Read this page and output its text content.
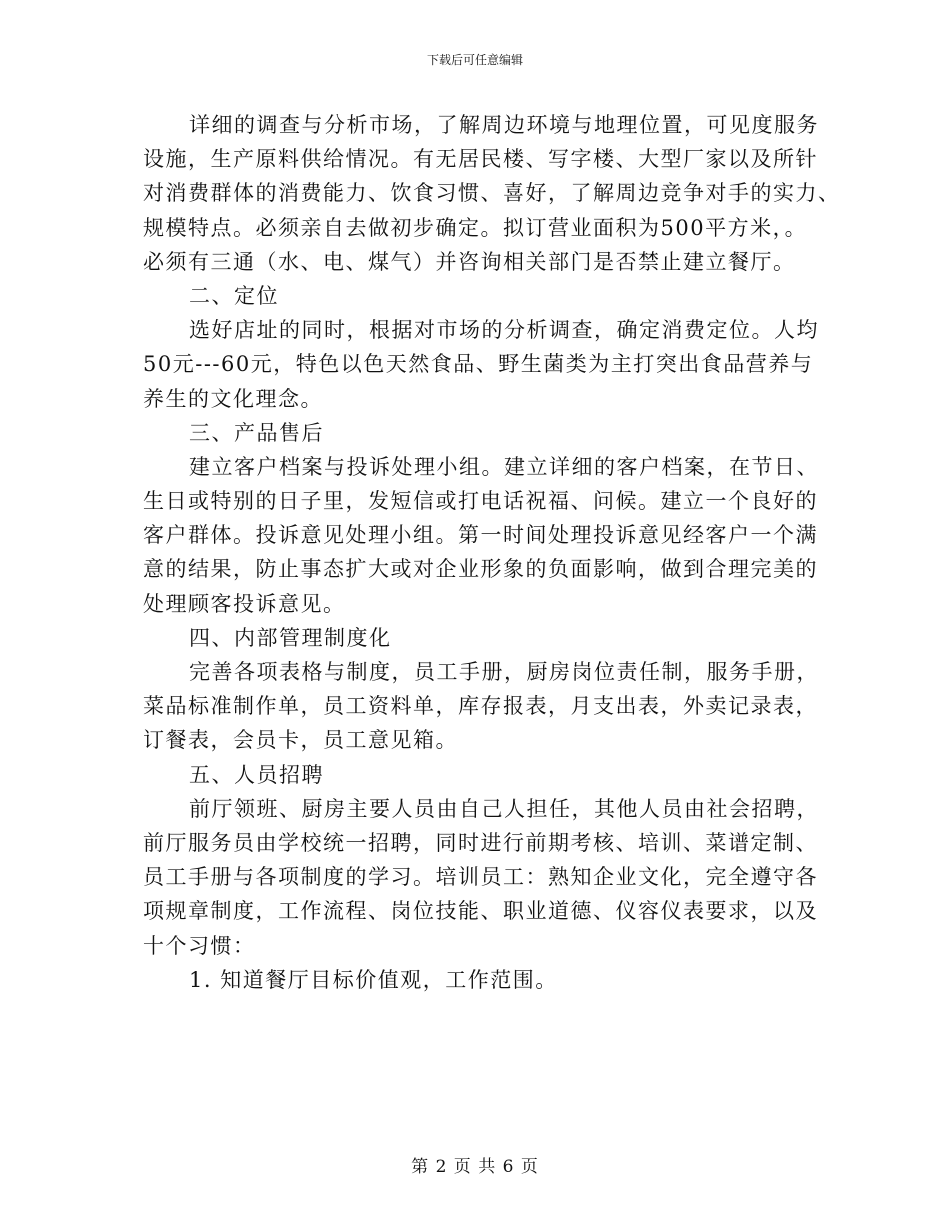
下载后可任意编辑
详细的调查与分析市场，了解周边环境与地理位置，可见度服务
设施，生产原料供给情况。有无居民楼、写字楼、大型厂家以及所针
对消费群体的消费能力、饮食习惯、喜好，了解周边竞争对手的实力、
规模特点。必须亲自去做初步确定。拟订营业面积为500平方米，。
必须有三通（水、电、煤气）并咨询相关部门是否禁止建立餐厅。
二、定位
选好店址的同时，根据对市场的分析调查，确定消费定位。人均
50元---60元，特色以色天然食品、野生菌类为主打突出食品营养与
养生的文化理念。
三、产品售后
建立客户档案与投诉处理小组。建立详细的客户档案，在节日、
生日或特别的日子里，发短信或打电话祝福、问候。建立一个良好的
客户群体。投诉意见处理小组。第一时间处理投诉意见经客户一个满
意的结果，防止事态扩大或对企业形象的负面影响，做到合理完美的
处理顾客投诉意见。
四、内部管理制度化
完善各项表格与制度，员工手册，厨房岗位责任制，服务手册，
菜品标准制作单，员工资料单，库存报表，月支出表，外卖记录表，
订餐表，会员卡，员工意见箱。
五、人员招聘
前厅领班、厨房主要人员由自己人担任，其他人员由社会招聘，
前厅服务员由学校统一招聘，同时进行前期考核、培训、菜谱定制、
员工手册与各项制度的学习。培训员工：熟知企业文化，完全遵守各
项规章制度，工作流程、岗位技能、职业道德、仪容仪表要求，以及
十个习惯：
1. 知道餐厅目标价值观，工作范围。
第 2 页 共 6 页
